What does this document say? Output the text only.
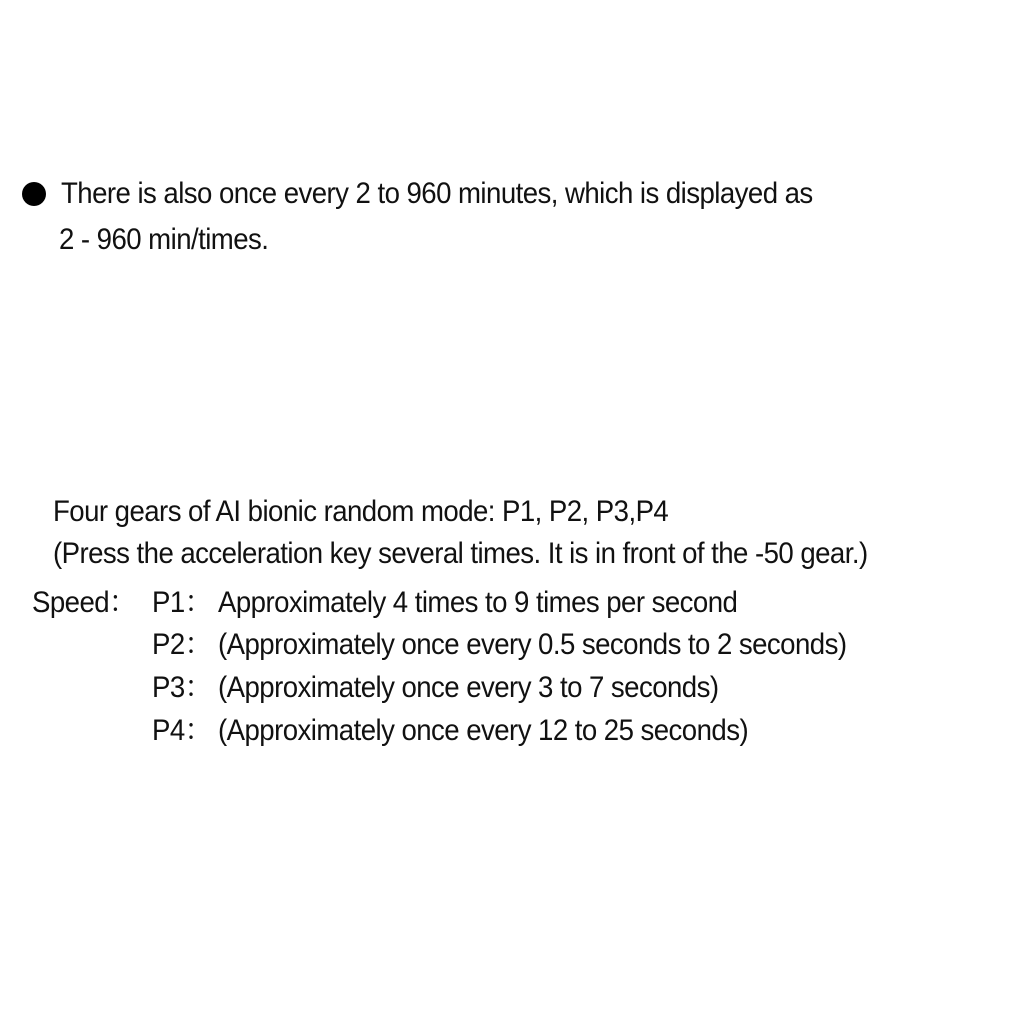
There is also once every 2 to 960 minutes, which is displayed as
2 - 960 min/times.
Four gears of AI bionic random mode: P1, P2, P3,P4
(Press the acceleration key several times. It is in front of the -50 gear.)
Speed： P1： Approximately 4 times to 9 times per second
P2： (Approximately once every 0.5 seconds to 2 seconds)
P3： (Approximately once every 3 to 7 seconds)
P4： (Approximately once every 12 to 25 seconds)
